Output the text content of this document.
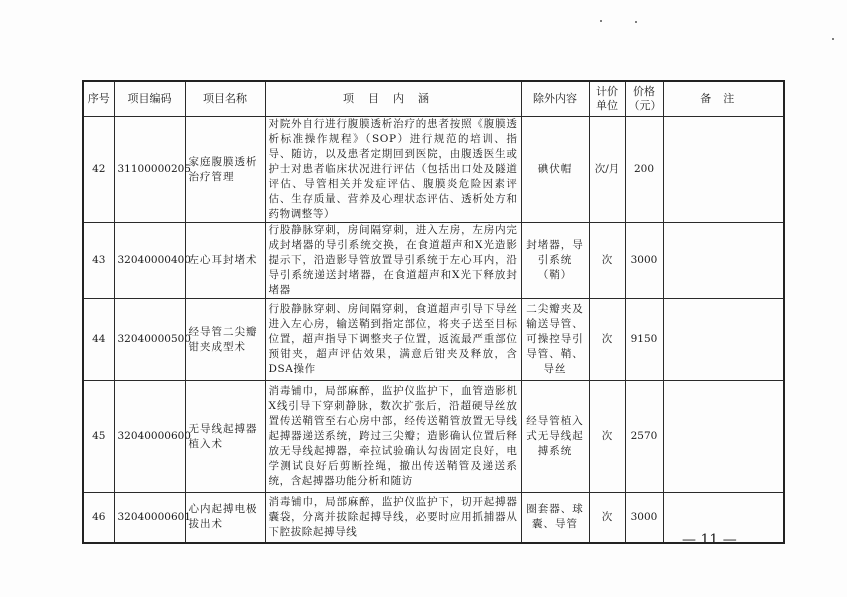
序号	项目编码	项目名称	项目内涵	除外内容	计价单位	价格（元）	备注
42	31100000205	家庭腹膜透析治疗管理	对院外自行进行腹膜透析治疗的患者按照《腹膜透析标准操作规程》（SOP）进行规范的培训、指导、随访，以及患者定期回到医院，由腹透医生或护士对患者临床状况进行评估（包括出口处及隧道评估、导管相关并发症评估、腹膜炎危险因素评估、生存质量、营养及心理状态评估、透析处方和药物调整等）	碘伏帽	次/月	200	
43	32040000400	左心耳封堵术	行股静脉穿刺，房间隔穿刺，进入左房，左房内完成封堵器的导引系统交换，在食道超声和X光造影提示下，沿造影导管放置导引系统于左心耳内，沿导引系统递送封堵器，在食道超声和X光下释放封堵器	封堵器，导引系统（鞘）	次	3000	
44	32040000500	经导管二尖瓣钳夹成型术	行股静脉穿刺、房间隔穿刺，食道超声引导下导丝进入左心房，输送鞘到指定部位，将夹子送至目标位置，超声指导下调整夹子位置，返流最严重部位预钳夹，超声评估效果，满意后钳夹及释放，含DSA操作	二尖瓣夹及输送导管、可操控导引导管、鞘、导丝	次	9150	
45	32040000600	无导线起搏器植入术	消毒铺巾，局部麻醉，监护仪监护下，血管造影机X线引导下穿刺静脉，数次扩张后，沿超硬导丝放置传送鞘管至右心房中部，经传送鞘管放置无导线起搏器递送系统，跨过三尖瓣；造影确认位置后释放无导线起搏器，牵拉试验确认勾齿固定良好，电学测试良好后剪断拴绳，撤出传送鞘管及递送系统，含起搏器功能分析和随访	经导管植入式无导线起搏系统	次	2570	
46	32040000601	心内起搏电极拔出术	消毒铺巾，局部麻醉，监护仪监护下，切开起搏器囊袋，分离并拔除起搏导线，必要时应用抓捕器从下腔拔除起搏导线	圈套器、球囊、导管	次	3000	
— 11 —
